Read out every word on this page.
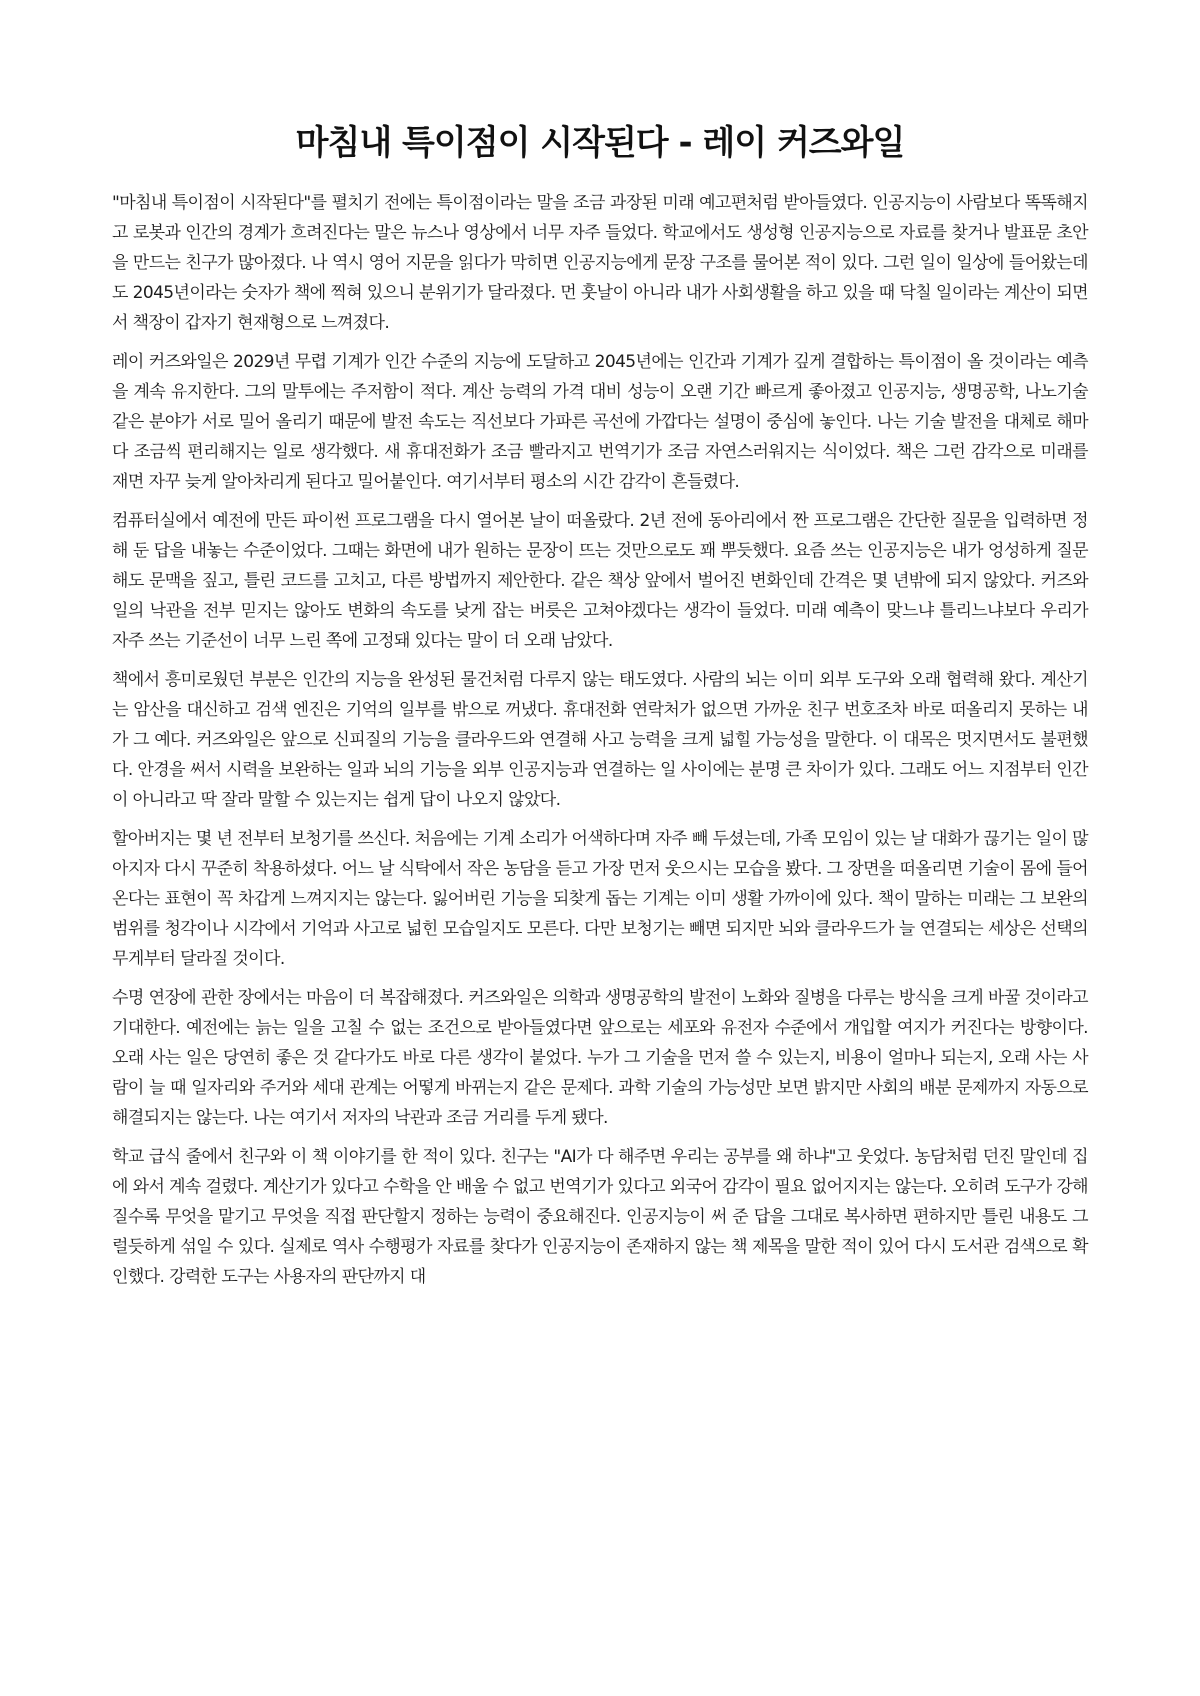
마침내 특이점이 시작된다 - 레이 커즈와일

"마침내 특이점이 시작된다"를 펼치기 전에는 특이점이라는 말을 조금 과장된 미래 예고편처럼 받아들였다. 인공지능이 사람보다 똑똑해지고 로봇과 인간의 경계가 흐려진다는 말은 뉴스나 영상에서 너무 자주 들었다. 학교에서도 생성형 인공지능으로 자료를 찾거나 발표문 초안을 만드는 친구가 많아졌다. 나 역시 영어 지문을 읽다가 막히면 인공지능에게 문장 구조를 물어본 적이 있다. 그런 일이 일상에 들어왔는데도 2045년이라는 숫자가 책에 찍혀 있으니 분위기가 달라졌다. 먼 훗날이 아니라 내가 사회생활을 하고 있을 때 닥칠 일이라는 계산이 되면서 책장이 갑자기 현재형으로 느껴졌다.

레이 커즈와일은 2029년 무렵 기계가 인간 수준의 지능에 도달하고 2045년에는 인간과 기계가 깊게 결합하는 특이점이 올 것이라는 예측을 계속 유지한다. 그의 말투에는 주저함이 적다. 계산 능력의 가격 대비 성능이 오랜 기간 빠르게 좋아졌고 인공지능, 생명공학, 나노기술 같은 분야가 서로 밀어 올리기 때문에 발전 속도는 직선보다 가파른 곡선에 가깝다는 설명이 중심에 놓인다. 나는 기술 발전을 대체로 해마다 조금씩 편리해지는 일로 생각했다. 새 휴대전화가 조금 빨라지고 번역기가 조금 자연스러워지는 식이었다. 책은 그런 감각으로 미래를 재면 자꾸 늦게 알아차리게 된다고 밀어붙인다. 여기서부터 평소의 시간 감각이 흔들렸다.

컴퓨터실에서 예전에 만든 파이썬 프로그램을 다시 열어본 날이 떠올랐다. 2년 전에 동아리에서 짠 프로그램은 간단한 질문을 입력하면 정해 둔 답을 내놓는 수준이었다. 그때는 화면에 내가 원하는 문장이 뜨는 것만으로도 꽤 뿌듯했다. 요즘 쓰는 인공지능은 내가 엉성하게 질문해도 문맥을 짚고, 틀린 코드를 고치고, 다른 방법까지 제안한다. 같은 책상 앞에서 벌어진 변화인데 간격은 몇 년밖에 되지 않았다. 커즈와일의 낙관을 전부 믿지는 않아도 변화의 속도를 낮게 잡는 버릇은 고쳐야겠다는 생각이 들었다. 미래 예측이 맞느냐 틀리느냐보다 우리가 자주 쓰는 기준선이 너무 느린 쪽에 고정돼 있다는 말이 더 오래 남았다.

책에서 흥미로웠던 부분은 인간의 지능을 완성된 물건처럼 다루지 않는 태도였다. 사람의 뇌는 이미 외부 도구와 오래 협력해 왔다. 계산기는 암산을 대신하고 검색 엔진은 기억의 일부를 밖으로 꺼냈다. 휴대전화 연락처가 없으면 가까운 친구 번호조차 바로 떠올리지 못하는 내가 그 예다. 커즈와일은 앞으로 신피질의 기능을 클라우드와 연결해 사고 능력을 크게 넓힐 가능성을 말한다. 이 대목은 멋지면서도 불편했다. 안경을 써서 시력을 보완하는 일과 뇌의 기능을 외부 인공지능과 연결하는 일 사이에는 분명 큰 차이가 있다. 그래도 어느 지점부터 인간이 아니라고 딱 잘라 말할 수 있는지는 쉽게 답이 나오지 않았다.

할아버지는 몇 년 전부터 보청기를 쓰신다. 처음에는 기계 소리가 어색하다며 자주 빼 두셨는데, 가족 모임이 있는 날 대화가 끊기는 일이 많아지자 다시 꾸준히 착용하셨다. 어느 날 식탁에서 작은 농담을 듣고 가장 먼저 웃으시는 모습을 봤다. 그 장면을 떠올리면 기술이 몸에 들어온다는 표현이 꼭 차갑게 느껴지지는 않는다. 잃어버린 기능을 되찾게 돕는 기계는 이미 생활 가까이에 있다. 책이 말하는 미래는 그 보완의 범위를 청각이나 시각에서 기억과 사고로 넓힌 모습일지도 모른다. 다만 보청기는 빼면 되지만 뇌와 클라우드가 늘 연결되는 세상은 선택의 무게부터 달라질 것이다.

수명 연장에 관한 장에서는 마음이 더 복잡해졌다. 커즈와일은 의학과 생명공학의 발전이 노화와 질병을 다루는 방식을 크게 바꿀 것이라고 기대한다. 예전에는 늙는 일을 고칠 수 없는 조건으로 받아들였다면 앞으로는 세포와 유전자 수준에서 개입할 여지가 커진다는 방향이다. 오래 사는 일은 당연히 좋은 것 같다가도 바로 다른 생각이 붙었다. 누가 그 기술을 먼저 쓸 수 있는지, 비용이 얼마나 되는지, 오래 사는 사람이 늘 때 일자리와 주거와 세대 관계는 어떻게 바뀌는지 같은 문제다. 과학 기술의 가능성만 보면 밝지만 사회의 배분 문제까지 자동으로 해결되지는 않는다. 나는 여기서 저자의 낙관과 조금 거리를 두게 됐다.

학교 급식 줄에서 친구와 이 책 이야기를 한 적이 있다. 친구는 "AI가 다 해주면 우리는 공부를 왜 하냐"고 웃었다. 농담처럼 던진 말인데 집에 와서 계속 걸렸다. 계산기가 있다고 수학을 안 배울 수 없고 번역기가 있다고 외국어 감각이 필요 없어지지는 않는다. 오히려 도구가 강해질수록 무엇을 맡기고 무엇을 직접 판단할지 정하는 능력이 중요해진다. 인공지능이 써 준 답을 그대로 복사하면 편하지만 틀린 내용도 그럴듯하게 섞일 수 있다. 실제로 역사 수행평가 자료를 찾다가 인공지능이 존재하지 않는 책 제목을 말한 적이 있어 다시 도서관 검색으로 확인했다. 강력한 도구는 사용자의 판단까지 대
